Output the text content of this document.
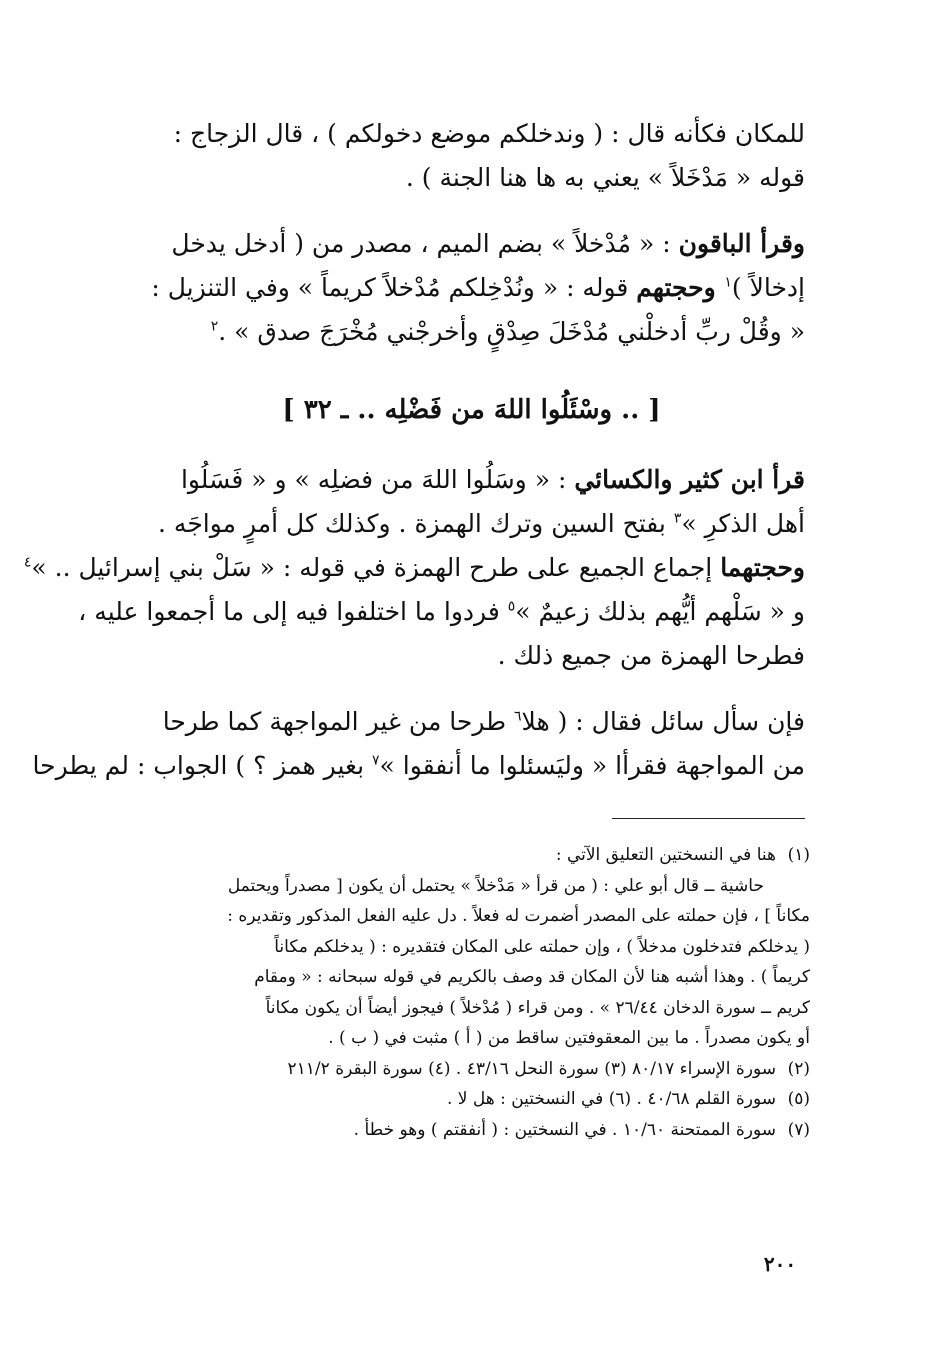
للمكان فكأنه قال : ( وندخلكم موضع دخولكم ) ، قال الزجاج :
قوله « مَدْخَلاً » يعني به ها هنا الجنة ) .
وقرأ الباقون : « مُدْخلاً » بضم الميم ، مصدر من ( أدخل يدخل
إدخالاً )$^١$ وحجتهم قوله : « ونُدْخِلكم مُدْخلاً كريماً » وفي التنزيل :
« وقُلْ ربِّ أدخلْني مُدْخَلَ صِدْقٍ وأخرجْني مُخْرَجَ صدق » .$^٢$
[ .. وسْئَلُوا اللهَ من فَضْلِه .. ـ ٣٢ ]
قرأ ابن كثير والكسائي : « وسَلُوا اللهَ من فضلِه » و « فَسَلُوا
أهل الذكرِ »$^٣$ بفتح السين وترك الهمزة . وكذلك كل أمرٍ مواجَه .
وحجتهما إجماع الجميع على طرح الهمزة في قوله : « سَلْ بني إسرائيل .. »$^٤$
و « سَلْهم أيُّهم بذلك زعيمٌ »$^٥$ فردوا ما اختلفوا فيه إلى ما أجمعوا عليه ،
فطرحا الهمزة من جميع ذلك .
فإن سأل سائل فقال : ( هلا$^٦$ طرحا من غير المواجهة كما طرحا
من المواجهة فقرأا « وليَسئلوا ما أنفقوا »$^٧$ بغير همز ؟ ) الجواب : لم يطرحا
(١)هنا في النسختين التعليق الآتي :
حاشية ــ قال أبو علي : ( من قرأ « مَدْخلاً » يحتمل أن يكون [ مصدراً ويحتمل
مكاناً ] ، فإن حملته على المصدر أضمرت له فعلاً . دل عليه الفعل المذكور وتقديره :
( يدخلكم فتدخلون مدخلاً ) ، وإن حملته على المكان فتقديره : ( يدخلكم مكاناً
كريماً ) . وهذا أشبه هنا لأن المكان قد وصف بالكريم في قوله سبحانه : « ومقام
كريم ــ سورة الدخان ٢٦/٤٤ » . ومن قراء ( مُدْخلاً ) فيجوز أيضاً أن يكون مكاناً
أو يكون مصدراً . ما بين المعقوفتين ساقط من ( أ ) مثبت في ( ب ) .
(٢)سورة الإسراء ٨٠/١٧ (٣) سورة النحل ٤٣/١٦ . (٤) سورة البقرة ٢١١/٢
(٥)سورة القلم ٤٠/٦٨ . (٦) في النسختين : هل لا .
(٧)سورة الممتحنة ١٠/٦٠ . في النسختين : ( أنفقتم ) وهو خطأ .
٢٠٠
